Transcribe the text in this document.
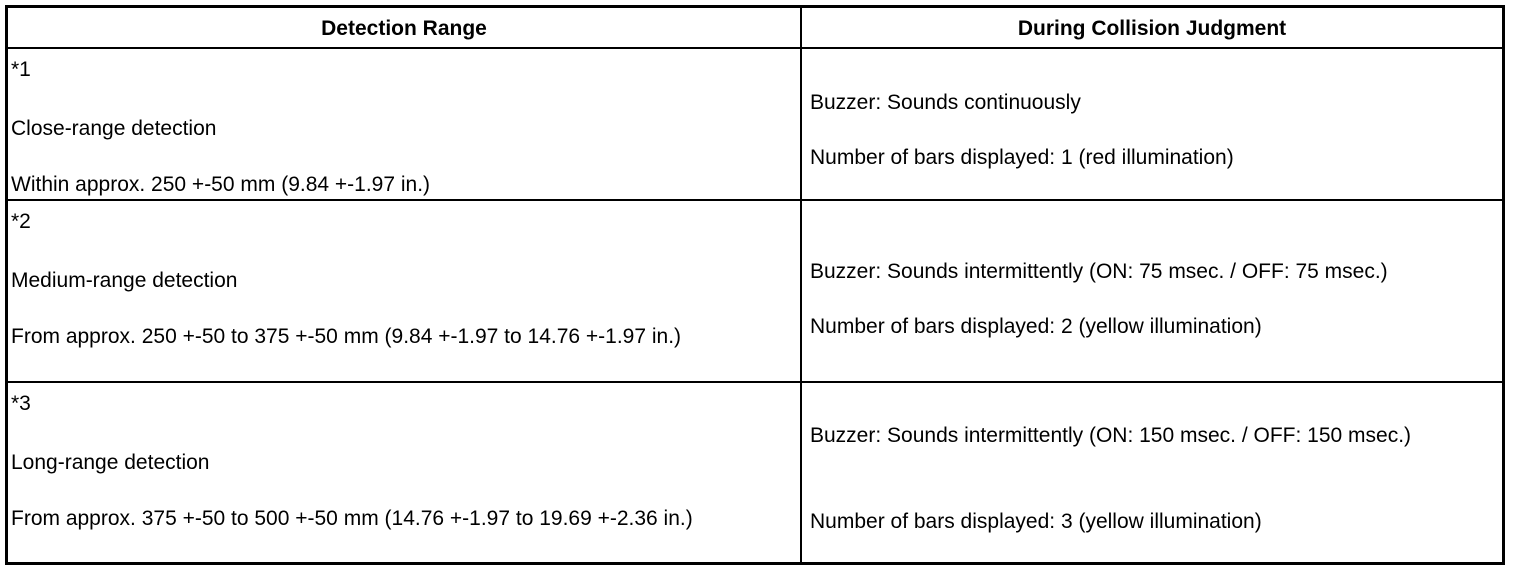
Detection Range	During Collision Judgment
*1
Close-range detection
Within approx. 250 +-50 mm (9.84 +-1.97 in.)
Buzzer: Sounds continuously
Number of bars displayed: 1 (red illumination)
*2
Medium-range detection
From approx. 250 +-50 to 375 +-50 mm (9.84 +-1.97 to 14.76 +-1.97 in.)
Buzzer: Sounds intermittently (ON: 75 msec. / OFF: 75 msec.)
Number of bars displayed: 2 (yellow illumination)
*3
Long-range detection
From approx. 375 +-50 to 500 +-50 mm (14.76 +-1.97 to 19.69 +-2.36 in.)
Buzzer: Sounds intermittently (ON: 150 msec. / OFF: 150 msec.)
Number of bars displayed: 3 (yellow illumination)
